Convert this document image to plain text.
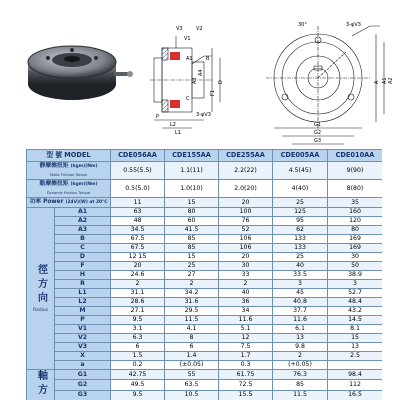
L2
L1
A3
A4
F1
D
A1
C
B
P
V3	V2
V1
3-φV3
3-φV3
30°
A A1 A2
G1
G2
G3
型 號 MODEL		CDE056AA	CDE155AA	CDE255AA	CDE005AA	CDE010AA

靜摩擦扭矩 (kgm)(Nm)
Static Friction Torque		0.55(5.5)	1.1(11)	2.2(22)	4.5(45)	9(90)

動摩擦扭矩 (kgm)(Nm)
Dynamic Friction Torque		0.5(5.0)	1.0(10)	2.0(20)	4(40)	8(80)
功率 Power (24V)(W) at 20°C		11	15	20	25	35
徑方向
Radius	A1	63	80	100	125	160
	A2	48	60	76	95	120
	A3	34.5	41.5	52	62	80
	B	67.5	85	106	133	169
	C	67.5	85	106	133	169
	D	12 15	15	20	25	30
	F	20	25	30	40	50
	H	24.6	27	33	33.5	38.9
	R	2	2	2	3	3
	L1	31.1	34.2	40	45	52.7
	L2	28.6	31.6	36	40.8	48.4
	M	27.1	29.5	34	37.7	43.2
	P	9.5	11.5	11.6	11.6	14.5
	V1	3.1	4.1	5.1	6.1	8.1
	V2	6.3	8	12	13	15
	V3	6	6	7.5	9.8	13
	X	1.5	1.4	1.7	2	2.5
	a	0.2	(±0.05)	0.3	(+0.05)	
軸方	G1	42.75	55	61.75	76.3	98.4
	G2	49.5	63.5	72.5	85	112
	G3	9.5	10.5	15.5	11.5	16.5
